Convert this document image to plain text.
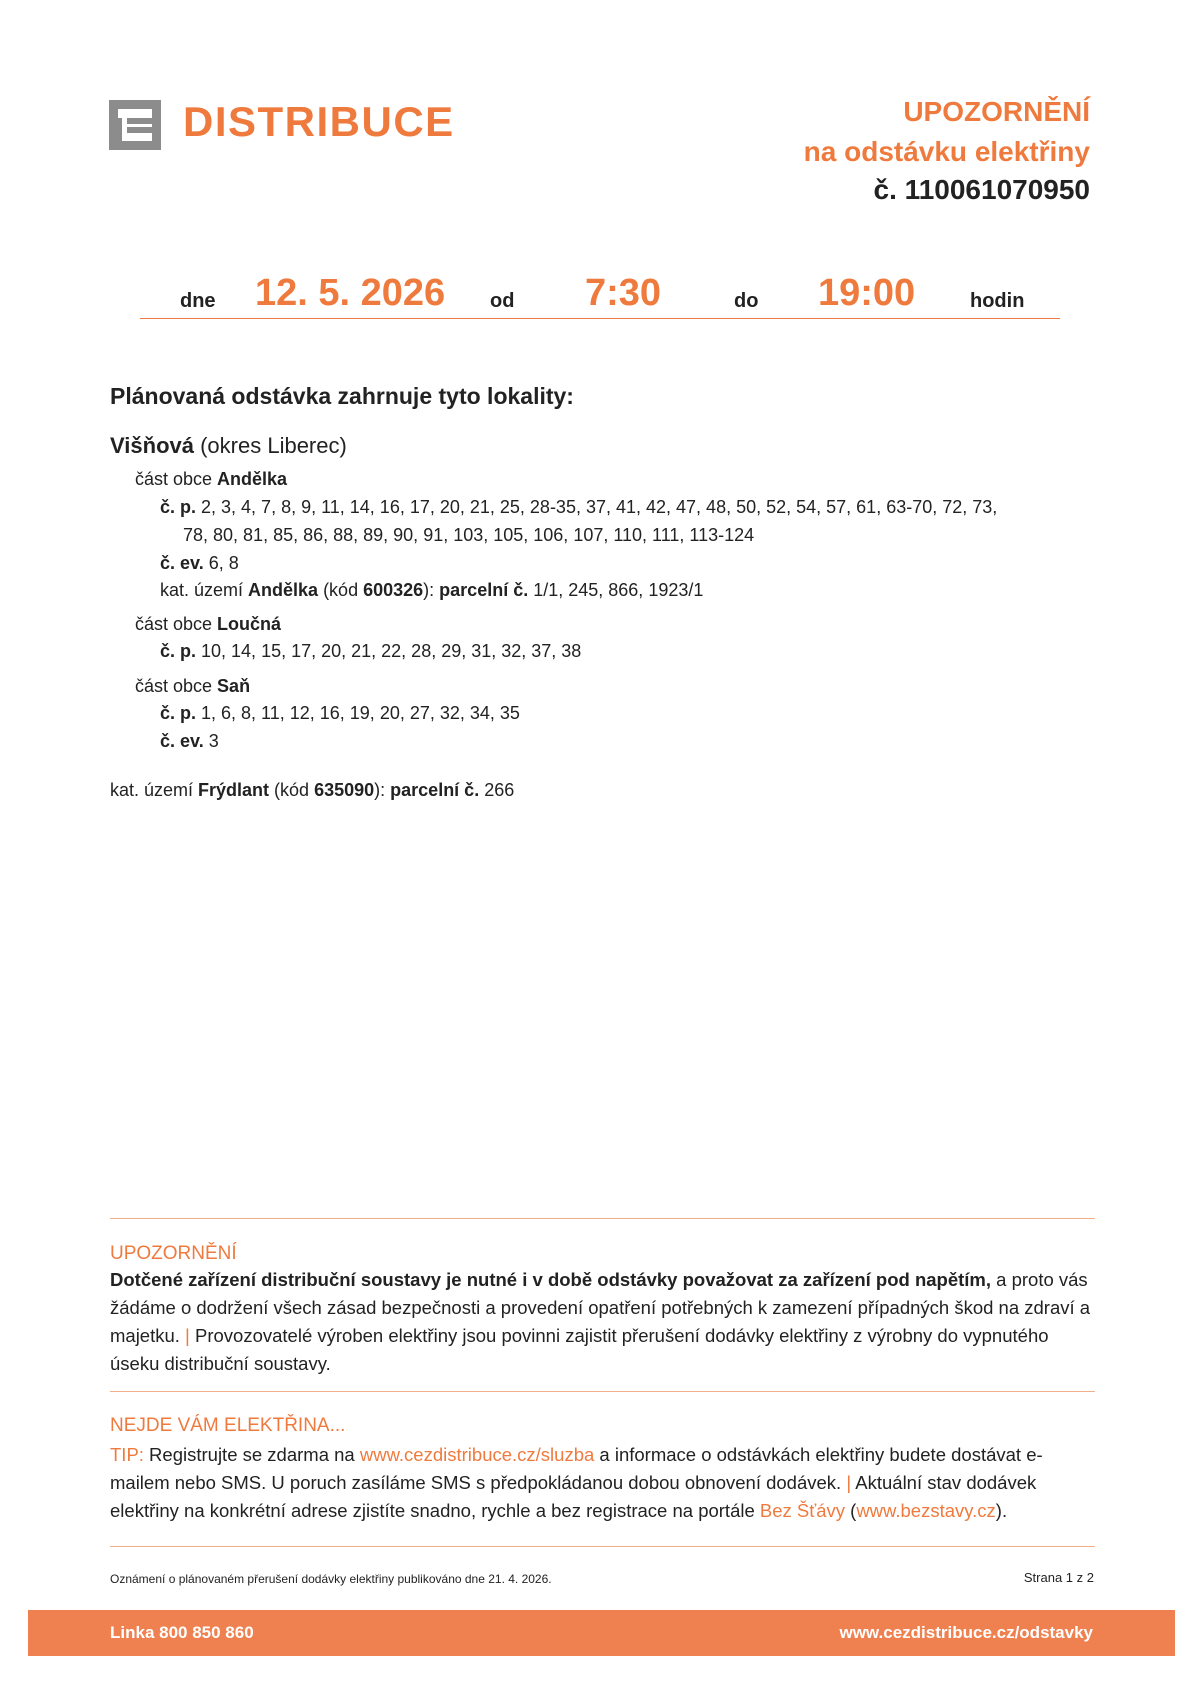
DISTRIBUCE	UPOZORNĚNÍ
na odstávku elektřiny
č. 110061070950
dne 12. 5. 2026 od 7:30	do 19:00	hodin
Plánovaná odstávka zahrnuje tyto lokality:
Višňová (okres Liberec)
část obce Andělka
č. p. 2, 3, 4, 7, 8, 9, 11, 14, 16, 17, 20, 21, 25, 28-35, 37, 41, 42, 47, 48, 50, 52, 54, 57, 61, 63-70, 72, 73,
78, 80, 81, 85, 86, 88, 89, 90, 91, 103, 105, 106, 107, 110, 111, 113-124
č. ev. 6, 8
kat. území Andělka (kód 600326): parcelní č. 1/1, 245, 866, 1923/1
část obce Loučná
č. p. 10, 14, 15, 17, 20, 21, 22, 28, 29, 31, 32, 37, 38
část obce Saň
č. p. 1, 6, 8, 11, 12, 16, 19, 20, 27, 32, 34, 35
č. ev. 3
kat. území Frýdlant (kód 635090): parcelní č. 266
UPOZORNĚNÍ
Dotčené zařízení distribuční soustavy je nutné i v době odstávky považovat za zařízení pod napětím, a proto vás žádáme o dodržení všech zásad bezpečnosti a provedení opatření potřebných k zamezení případných škod na zdraví a majetku. | Provozovatelé výroben elektřiny jsou povinni zajistit přerušení dodávky elektřiny z výrobny do vypnutého úseku distribuční soustavy.
NEJDE VÁM ELEKTŘINA...
TIP: Registrujte se zdarma na www.cezdistribuce.cz/sluzba a informace o odstávkách elektřiny budete dostávat e-mailem nebo SMS. U poruch zasíláme SMS s předpokládanou dobou obnovení dodávek. | Aktuální stav dodávek elektřiny na konkrétní adrese zjistíte snadno, rychle a bez registrace na portále Bez Šťávy (www.bezstavy.cz).
Oznámení o plánovaném přerušení dodávky elektřiny publikováno dne 21. 4. 2026.	Strana 1 z 2
Linka 800 850 860	www.cezdistribuce.cz/odstavky
